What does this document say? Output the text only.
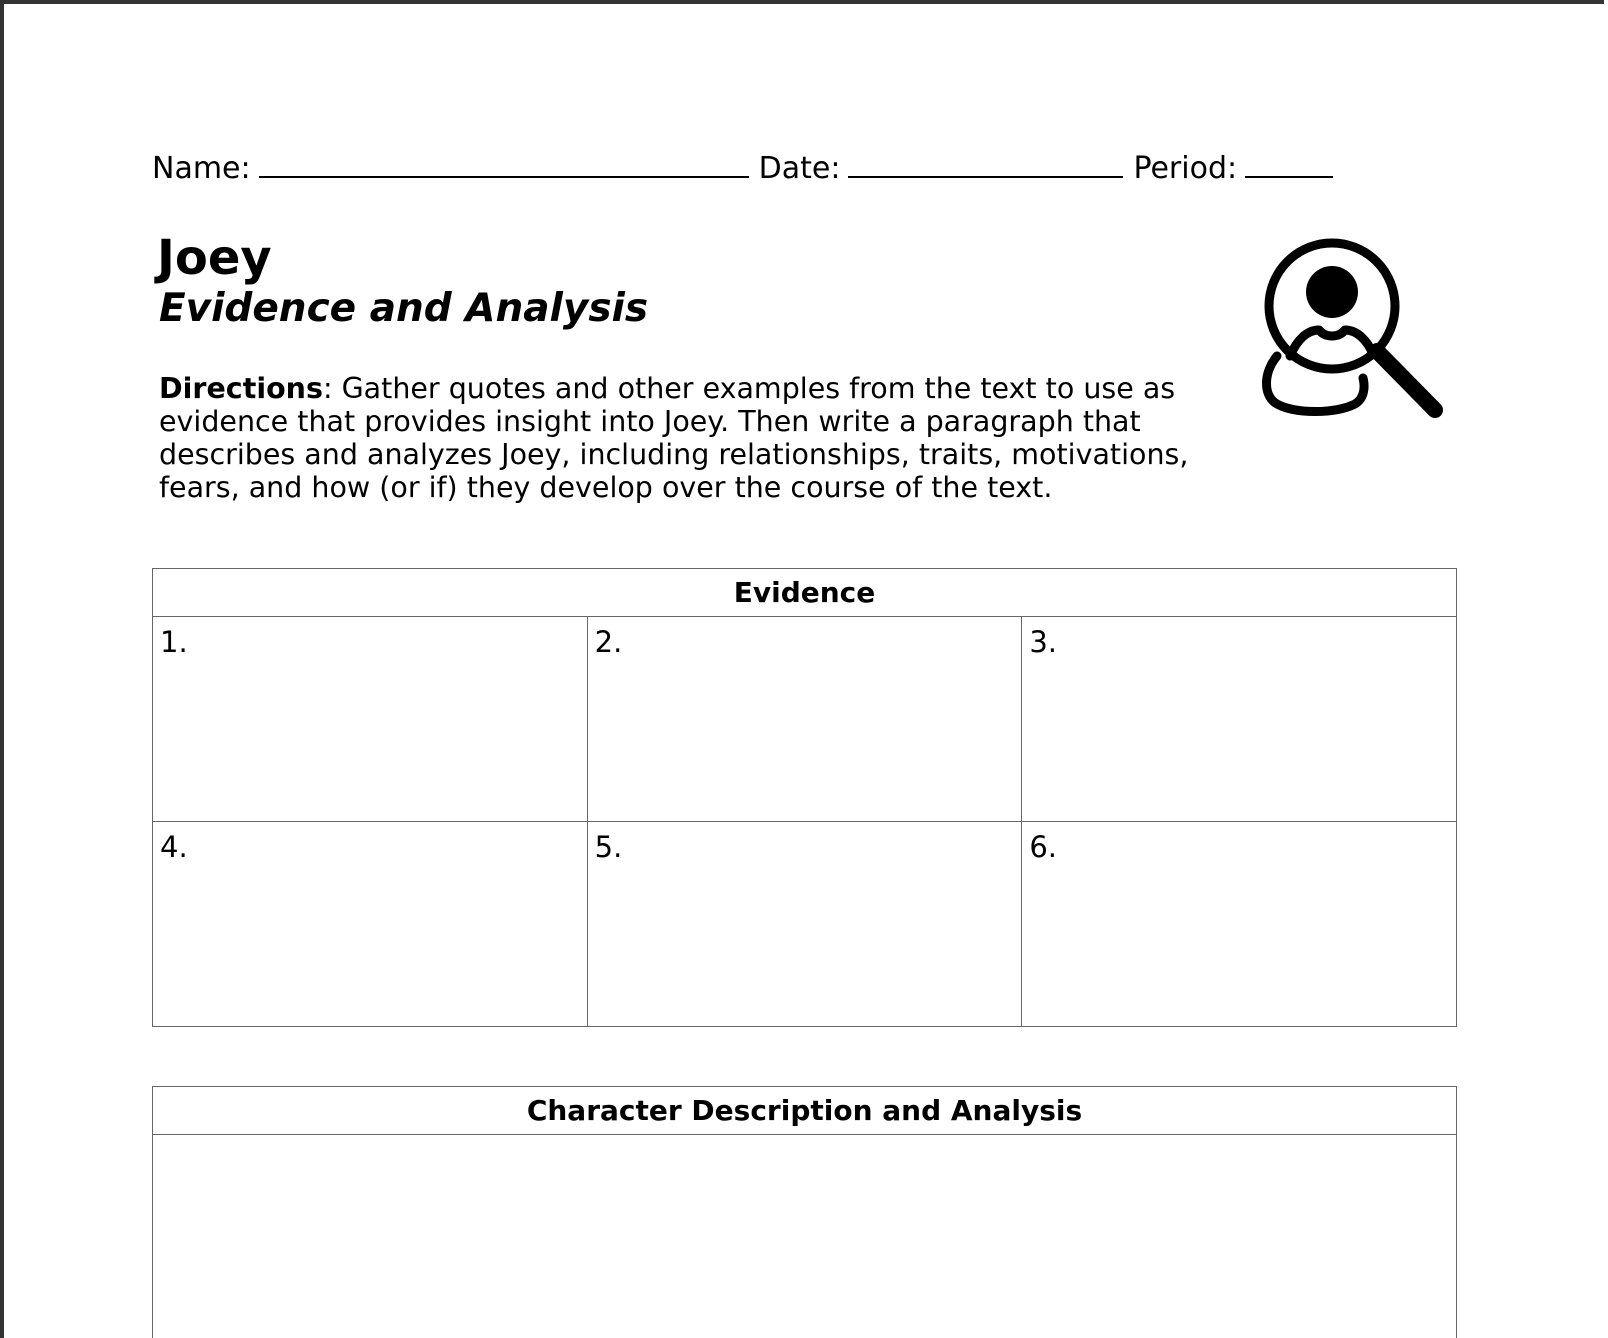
Name:	Date:	Period:
Joey
Evidence and Analysis
Directions: Gather quotes and other examples from the text to use as evidence that provides insight into Joey. Then write a paragraph that describes and analyzes Joey, including relationships, traits, motivations, fears, and how (or if) they develop over the course of the text.
Evidence		
1.	2.	3.
4.	5.	6.
Character Description and Analysis
